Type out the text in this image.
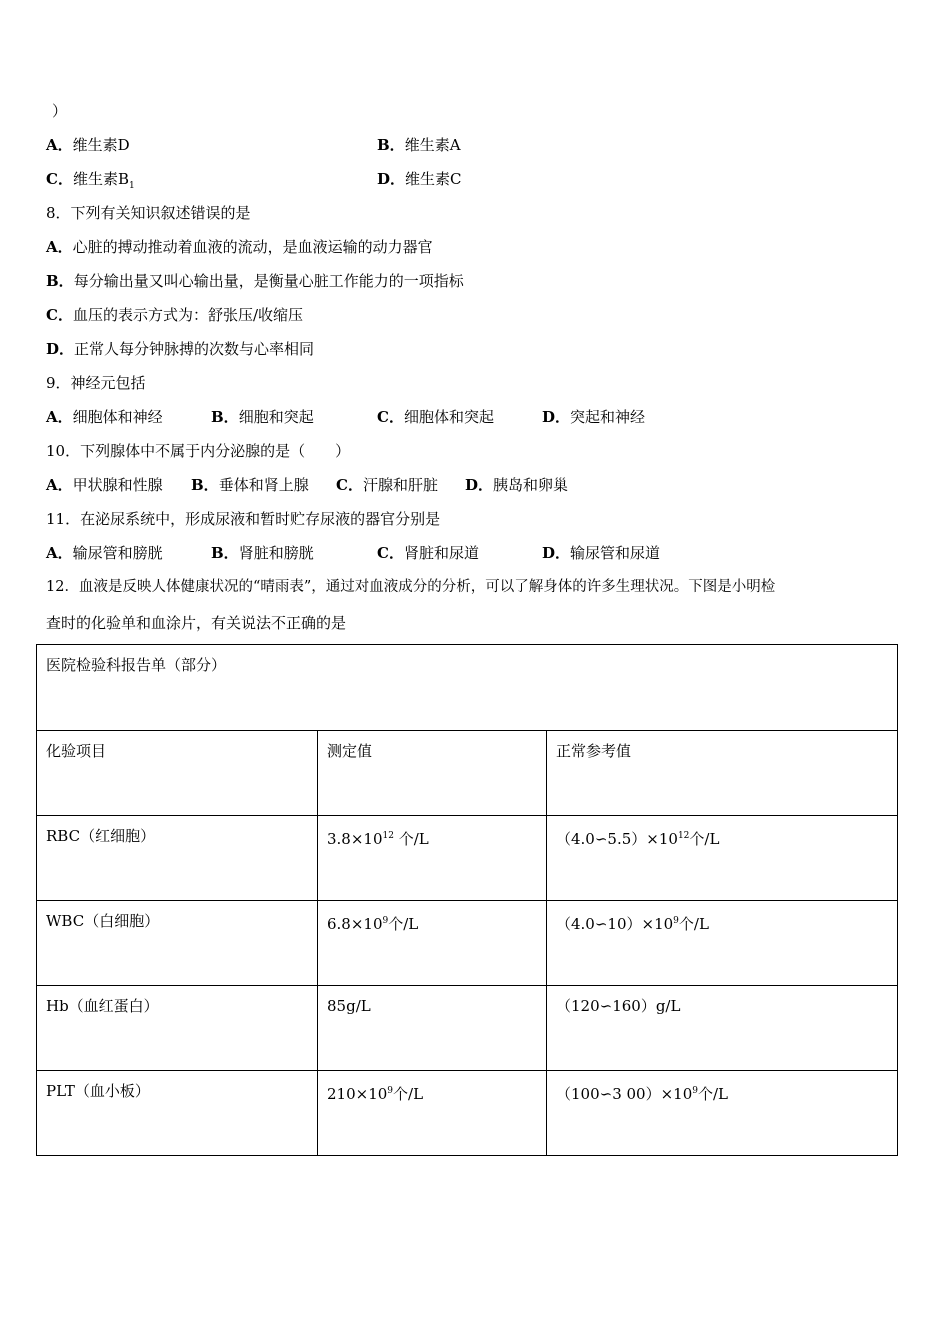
）
A．维生素D	B．维生素A
C．维生素$B_1$	D．维生素C
8．下列有关知识叙述错误的是
A．心脏的搏动推动着血液的流动，是血液运输的动力器官
B．每分输出量又叫心输出量，是衡量心脏工作能力的一项指标
C．血压的表示方式为：舒张压/收缩压
D．正常人每分钟脉搏的次数与心率相同
9．神经元包括
A．细胞体和神经	B．细胞和突起	C．细胞体和突起	D．突起和神经
10．下列腺体中不属于内分泌腺的是（　　）
A．甲状腺和性腺 B．垂体和肾上腺 C．汗腺和肝脏 D．胰岛和卵巢
11．在泌尿系统中，形成尿液和暂时贮存尿液的器官分别是
A．输尿管和膀胱	B．肾脏和膀胱	C．肾脏和尿道	D．输尿管和尿道
12．血液是反映人体健康状况的“晴雨表”，通过对血液成分的分析，可以了解身体的许多生理状况。下图是小明检
查时的化验单和血涂片，有关说法不正确的是
医院检验科报告单（部分）		
化验项目	测定值	正常参考值
RBC（红细胞）	$3.8\times 10^{12}$ 个/L	$(4.0∽5.5)\times 10^{12}$个/L
WBC（白细胞）	$6.8\times 10^9$个/L	$(4.0∽10)\times 10^9$个/L
Hb（血红蛋白）	85g/L	（120∽160）g/L
PLT（血小板）	$210\times 10^9$个/L	（100∽3 $00)\times 10^9$个/L
